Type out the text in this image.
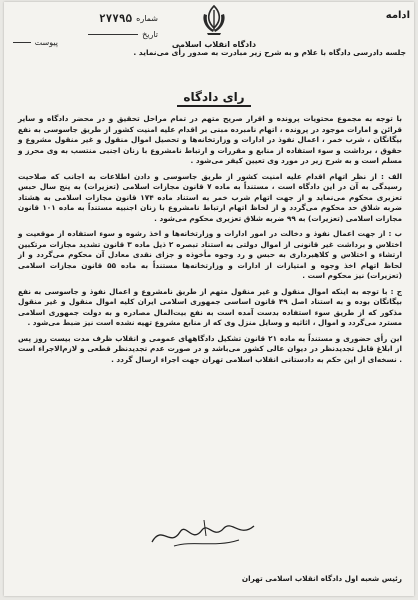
ادامه
دادگاه انقلاب اسلامی
شماره
۲۷۷۹۵
تاریخ
پیوست
جلسه دادرسی دادگاه با علام و به شرح زیر مبادرت به صدور رأی می‌نماید .
رای دادگاه

با توجه به مجموع محتویات پرونده و اقرار صریح متهم در تمام مراحل تحقیق و در محضر دادگاه و سایر قرائن و امارات موجود در پرونده ، اتهام نامبرده مبنی بر اقدام علیه امنیت کشور از طریق جاسوسی به نفع بیگانگان ، شرب خمر ، اعمال نفوذ در ادارات و وزارتخانه‌ها و تحصیل اموال منقول و غیر منقول مشروع و حقوق ، برداشت و سوء استفاده از منابع و مقررات و ارتباط نامشروع با زنان اجنبی منتسب به وی محرز و مسلم است و به شرح زیر در مورد وی تعیین کیفر می‌شود .

الف : از نظر اتهام اقدام علیه امنیت کشور از طریق جاسوسی و دادن اطلاعات به اجانب که صلاحیت رسیدگی به آن در این دادگاه است ، مستنداً به ماده ۷ قانون مجازات اسلامی (تعزیرات) به پنج سال حبس تعزیری محکوم می‌نماید و از جهت اتهام شرب خمر به استناد ماده ۱۷۴ قانون مجازات اسلامی به هشتاد ضربه شلاق حد محکوم می‌گردد و از لحاظ اتهام ارتباط نامشروع با زنان اجنبیه مستنداً به ماده ۱۰۱ قانون مجازات اسلامی (تعزیرات) به ۹۹ ضربه شلاق تعزیری محکوم می‌شود .

ب : از جهت اعمال نفوذ و دخالت در امور ادارات و وزارتخانه‌ها و اخذ رشوه و سوء استفاده از موقعیت و اختلاس و برداشت غیر قانونی از اموال دولتی به استناد تبصره ۲ ذیل ماده ۳ قانون تشدید مجازات مرتکبین ارتشاء و اختلاس و کلاهبرداری به حبس و رد وجوه مأخوذه و جزای نقدی معادل آن محکوم می‌گردد و از لحاظ اتهام اخذ وجوه و امتیازات از ادارات و وزارتخانه‌ها مستنداً به ماده ۵۵ قانون مجازات اسلامی (تعزیرات) نیز محکوم است .

ج : با توجه به اینکه اموال منقول و غیر منقول متهم از طریق نامشروع و اعمال نفوذ و جاسوسی به نفع بیگانگان بوده و به استناد اصل ۴۹ قانون اساسی جمهوری اسلامی ایران کلیه اموال منقول و غیر منقول مذکور که از طریق سوء استفاده بدست آمده است به نفع بیت‌المال مصادره و به دولت جمهوری اسلامی مسترد می‌گردد و اموال ، اثاثیه و وسایل منزل وی که از منابع مشروع تهیه نشده است نیز ضبط می‌شود .

این رأی حضوری و مستنداً به ماده ۲۱ قانون تشکیل دادگاههای عمومی و انقلاب ظرف مدت بیست روز پس از ابلاغ قابل تجدیدنظر در دیوان عالی کشور می‌باشد و در صورت عدم تجدیدنظر قطعی و لازم‌الاجراء است . نسخه‌ای از این حکم به دادستانی انقلاب اسلامی تهران جهت اجراء ارسال گردد .

رئیس شعبه اول دادگاه انقلاب اسلامی تهران
